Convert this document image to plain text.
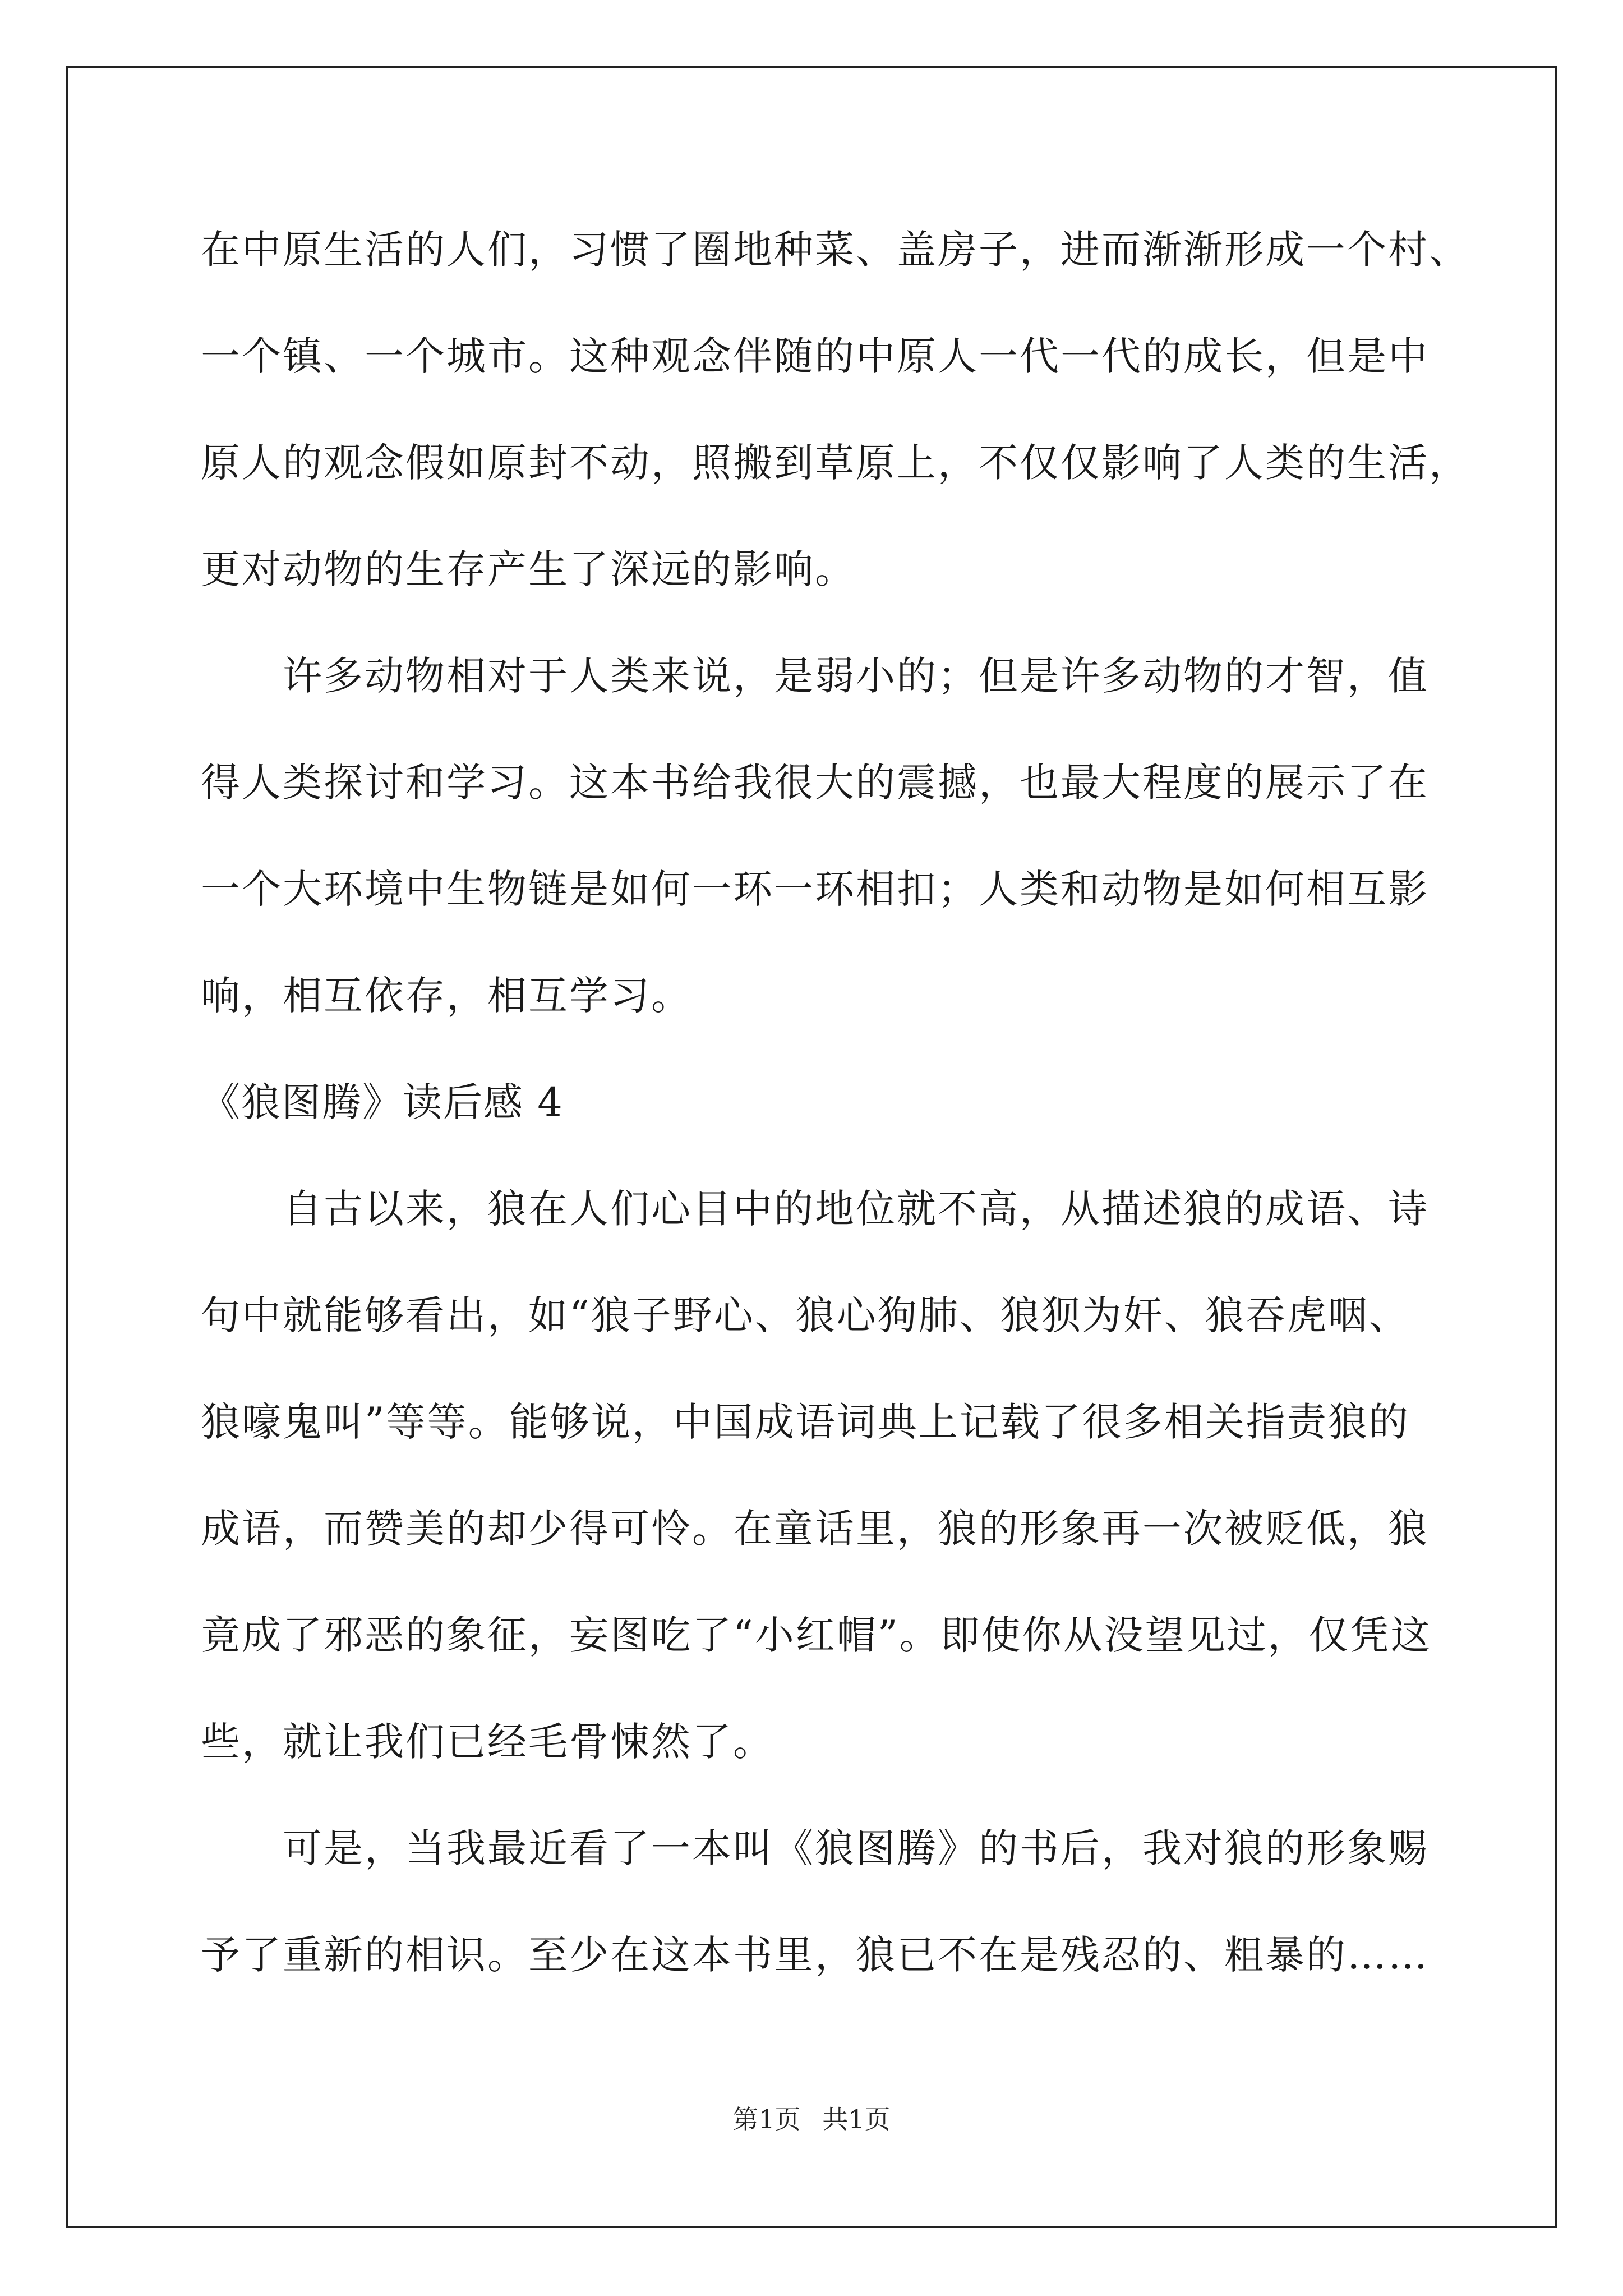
在中原生活的人们，习惯了圈地种菜、盖房子，进而渐渐形成一个村、
一个镇、一个城市。这种观念伴随的中原人一代一代的成长，但是中
原人的观念假如原封不动，照搬到草原上，不仅仅影响了人类的生活，
更对动物的生存产生了深远的影响。
许多动物相对于人类来说，是弱小的；但是许多动物的才智，值
得人类探讨和学习。这本书给我很大的震撼，也最大程度的展示了在
一个大环境中生物链是如何一环一环相扣；人类和动物是如何相互影
响，相互依存，相互学习。
《狼图腾》读后感 4
自古以来，狼在人们心目中的地位就不高，从描述狼的成语、诗
句中就能够看出，如“狼子野心、狼心狗肺、狼狈为奸、狼吞虎咽、
狼嚎鬼叫”等等。能够说，中国成语词典上记载了很多相关指责狼的
成语，而赞美的却少得可怜。在童话里，狼的形象再一次被贬低，狼
竟成了邪恶的象征，妄图吃了“小红帽”。即使你从没望见过，仅凭这
些，就让我们已经毛骨悚然了。
可是，当我最近看了一本叫《狼图腾》的书后，我对狼的形象赐
予了重新的相识。至少在这本书里，狼已不在是残忍的、粗暴的……
第1页 共1页
